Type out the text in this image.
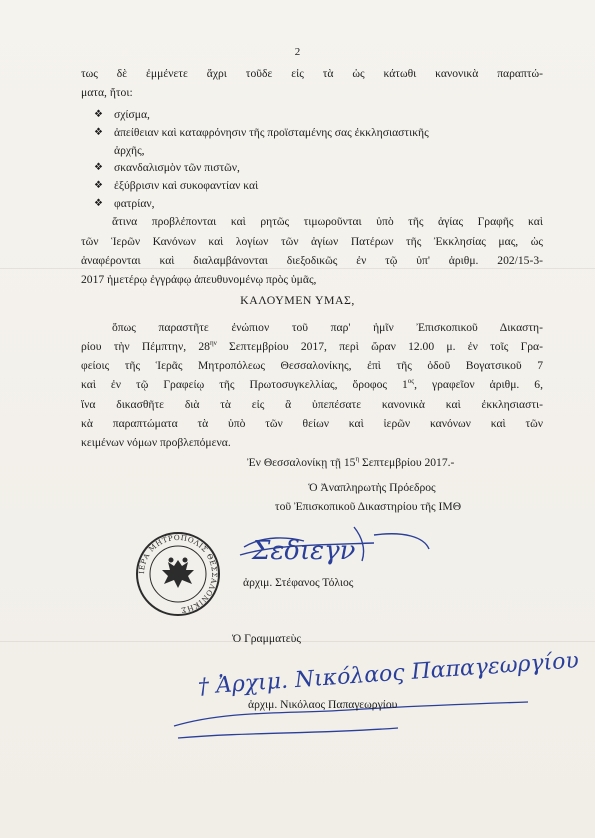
2
τως δὲ ἐμμένετε ἄχρι τοῦδε εἰς τὰ ὡς κάτωθι κανονικὰ παραπτώ-
ματα, ἤτοι:
❖ σχίσμα,
❖ ἀπείθειαν καὶ καταφρόνησιν τῆς προϊσταμένης σας ἐκκλησιαστικῆς
ἀρχῆς,
❖ σκανδαλισμὸν τῶν πιστῶν,
❖ ἐξύβρισιν καὶ συκοφαντίαν καὶ
❖ φατρίαν,
ἅτινα προβλέπονται καὶ ρητῶς τιμωροῦνται ὑπὸ τῆς ἁγίας Γραφῆς καὶ
τῶν Ἱερῶν Κανόνων καὶ λογίων τῶν ἁγίων Πατέρων τῆς Ἐκκλησίας μας, ὡς
ἀναφέρονται καὶ διαλαμβάνονται διεξοδικῶς ἐν τῷ ὑπ' ἀριθμ. 202/15-3-
2017 ἡμετέρῳ ἐγγράφῳ ἀπευθυνομένῳ πρὸς ὑμᾶς,
ΚΑΛΟΥΜΕΝ ΥΜΑΣ,
ὅπως παραστῆτε ἐνώπιον τοῦ παρ' ἡμῖν Ἐπισκοπικοῦ Δικαστη-
ρίου τὴν Πέμπτην, $28^{\eta\nu}$ Σεπτεμβρίου 2017, περὶ ὥραν 12.00 μ. ἐν τοῖς Γρα-
φείοις τῆς Ἱερᾶς Μητροπόλεως Θεσσαλονίκης, ἐπὶ τῆς ὁδοῦ Βογατσικοῦ 7
καὶ ἐν τῷ Γραφείῳ τῆς Πρωτοσυγκελλίας, ὄροφος $1^{o\varsigma}$, γραφεῖον ἀριθμ. 6,
ἵνα δικασθῆτε διὰ τὰ εἰς ἃ ὑπεπέσατε κανονικὰ καὶ ἐκκλησιαστι-
κὰ παραπτώματα τὰ ὑπὸ τῶν θείων καὶ ἱερῶν κανόνων καὶ τῶν
κειμένων νόμων προβλεπόμενα.
Ἐν Θεσσαλονίκῃ τῇ $15^\eta$ Σεπτεμβρίου 2017.-
Ὁ Ἀναπληρωτὴς Πρόεδρος
τοῦ Ἐπισκοπικοῦ Δικαστηρίου τῆς ΙΜΘ
Σεδιεγν
ἀρχιμ. Στέφανος Τόλιος
ΙΕΡΑ ΜΗΤΡΟΠΟΛΙΣ ΘΕΣΣΑΛΟΝΙΚΗΣ
Ὁ Γραμματεὺς
† Ἀρχιμ. Νικόλαος Παπαγεωργίου
ἀρχιμ. Νικόλαος Παπαγεωργίου
